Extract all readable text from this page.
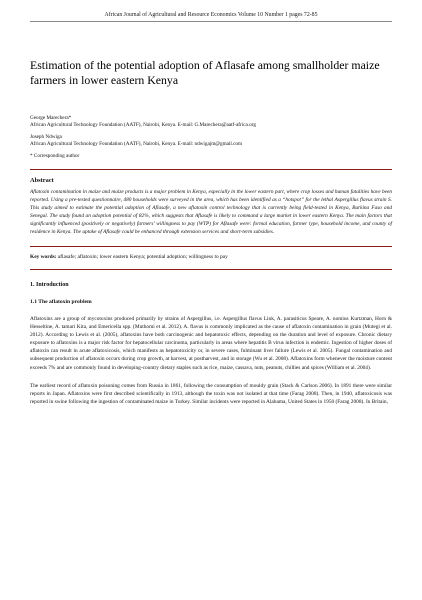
African Journal of Agricultural and Resource Economics Volume 10 Number 1 pages 72-85
Estimation of the potential adoption of Aflasafe among smallholder maize farmers in lower eastern Kenya
George Marechera*
African Agricultural Technology Foundation (AATF), Nairobi, Kenya. E-mail: G.Marechera@aatf-africa.org
Joseph Ndwiga
African Agricultural Technology Foundation (AATF), Nairobi, Kenya. E-mail: ndwigajm@gmail.com
* Corresponding author
Abstract
Aflatoxin contamination in maize and maize products is a major problem in Kenya, especially in the lower eastern part, where crop losses and human fatalities have been reported. Using a pre-tested questionnaire, 480 households were surveyed in the area, which has been identified as a “hotspot” for the lethal Aspergillus flavus strain S. This study aimed to estimate the potential adoption of Aflasafe, a new aflatoxin control technology that is currently being field-tested in Kenya, Burkina Faso and Senegal. The study found an adoption potential of 82%, which suggests that Aflasafe is likely to command a large market in lower eastern Kenya. The main factors that significantly influenced (positively or negatively) farmers’ willingness to pay (WTP) for Aflasafe were: formal education, farmer type, household income, and county of residence in Kenya. The uptake of Aflasafe could be enhanced through extension services and short-term subsidies.
Key words: aflasafe; aflatoxin; lower eastern Kenya; potential adoption; willingness to pay
1. Introduction
1.1 The aflatoxin problem

Aflatoxins are a group of mycotoxins produced primarily by strains of Aspergillus, i.e. Aspergillus flavus Link, A. parasiticus Speare, A. nomius Kurtzman, Horn & Hesseltine, A. tamari Kita, and Emericella spp. (Muthomi et al. 2012). A. flavus is commonly implicated as the cause of aflatoxin contamination in grain (Mutegi et al. 2012). According to Lewis et al. (2005), aflatoxins have both carcinogenic and hepatotoxic effects, depending on the duration and level of exposure. Chronic dietary exposure to aflatoxins is a major risk factor for hepatocellular carcinoma, particularly in areas where hepatitis B virus infection is endemic. Ingestion of higher doses of aflatoxin can result in acute aflatoxicosis, which manifests as hepatotoxicity or, in severe cases, fulminant liver failure (Lewis et al. 2005). Fungal contamination and subsequent production of aflatoxin occurs during crop growth, at harvest, at postharvest, and in storage (Wu et al. 2008). Aflatoxins form whenever the moisture content exceeds 7% and are commonly found in developing-country dietary staples such as rice, maize, cassava, nuts, peanuts, chillies and spices (William et al. 2004).

The earliest record of aflatoxin poisoning comes from Russia in 1861, following the consumption of mouldy grain (Stack & Carlson 2006). In 1891 there were similar reports in Japan. Aflatoxins were first described scientifically in 1913, although the toxin was not isolated at that time (Farag 2008). Then, in 1940, aflatoxicosis was reported in swine following the ingestion of contaminated maize in Turkey. Similar incidents were reported in Alabama, United States in 1950 (Farag 2008). In Britain,
